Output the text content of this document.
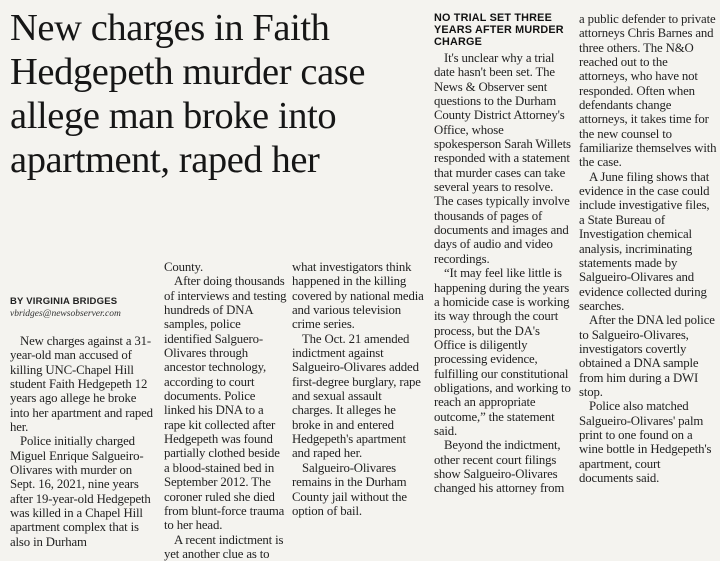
New charges in Faith Hedgepeth murder case allege man broke into apartment, raped her
BY VIRGINIA BRIDGES
vbridges@newsobserver.com

New charges against a 31-year-old man accused of killing UNC-Chapel Hill student Faith Hedgepeth 12 years ago allege he broke into her apartment and raped her.

Police initially charged Miguel Enrique Salgueiro-Olivares with murder on Sept. 16, 2021, nine years after 19-year-old Hedgepeth was killed in a Chapel Hill apartment complex that is also in Durham

County.

After doing thousands of interviews and testing hundreds of DNA samples, police identified Salguero-Olivares through ancestor technology, according to court documents. Police linked his DNA to a rape kit collected after Hedgepeth was found partially clothed beside a blood-stained bed in September 2012. The coroner ruled she died from blunt-force trauma to her head.

A recent indictment is yet another clue as to

what investigators think happened in the killing covered by national media and various television crime series.

The Oct. 21 amended indictment against Salgueiro-Olivares added first-degree burglary, rape and sexual assault charges. It alleges he broke in and entered Hedgepeth's apartment and raped her.

Salgueiro-Olivares remains in the Durham County jail without the option of bail.

NO TRIAL SET THREE YEARS AFTER MURDER CHARGE

It's unclear why a trial date hasn't been set. The News & Observer sent questions to the Durham County District Attorney's Office, whose spokesperson Sarah Willets responded with a statement that murder cases can take several years to resolve. The cases typically involve thousands of pages of documents and images and days of audio and video recordings.

“It may feel like little is happening during the years a homicide case is working its way through the court process, but the DA's Office is diligently processing evidence, fulfilling our constitutional obligations, and working to reach an appropriate outcome,” the statement said.

Beyond the indictment, other recent court filings show Salgueiro-Olivares changed his attorney from

a public defender to private attorneys Chris Barnes and three others. The N&O reached out to the attorneys, who have not responded. Often when defendants change attorneys, it takes time for the new counsel to familiarize themselves with the case.

A June filing shows that evidence in the case could include investigative files, a State Bureau of Investigation chemical analysis, incriminating statements made by Salgueiro-Olivares and evidence collected during searches.

After the DNA led police to Salgueiro-Olivares, investigators covertly obtained a DNA sample from him during a DWI stop.

Police also matched Salgueiro-Olivares' palm print to one found on a wine bottle in Hedgepeth's apartment, court documents said.
